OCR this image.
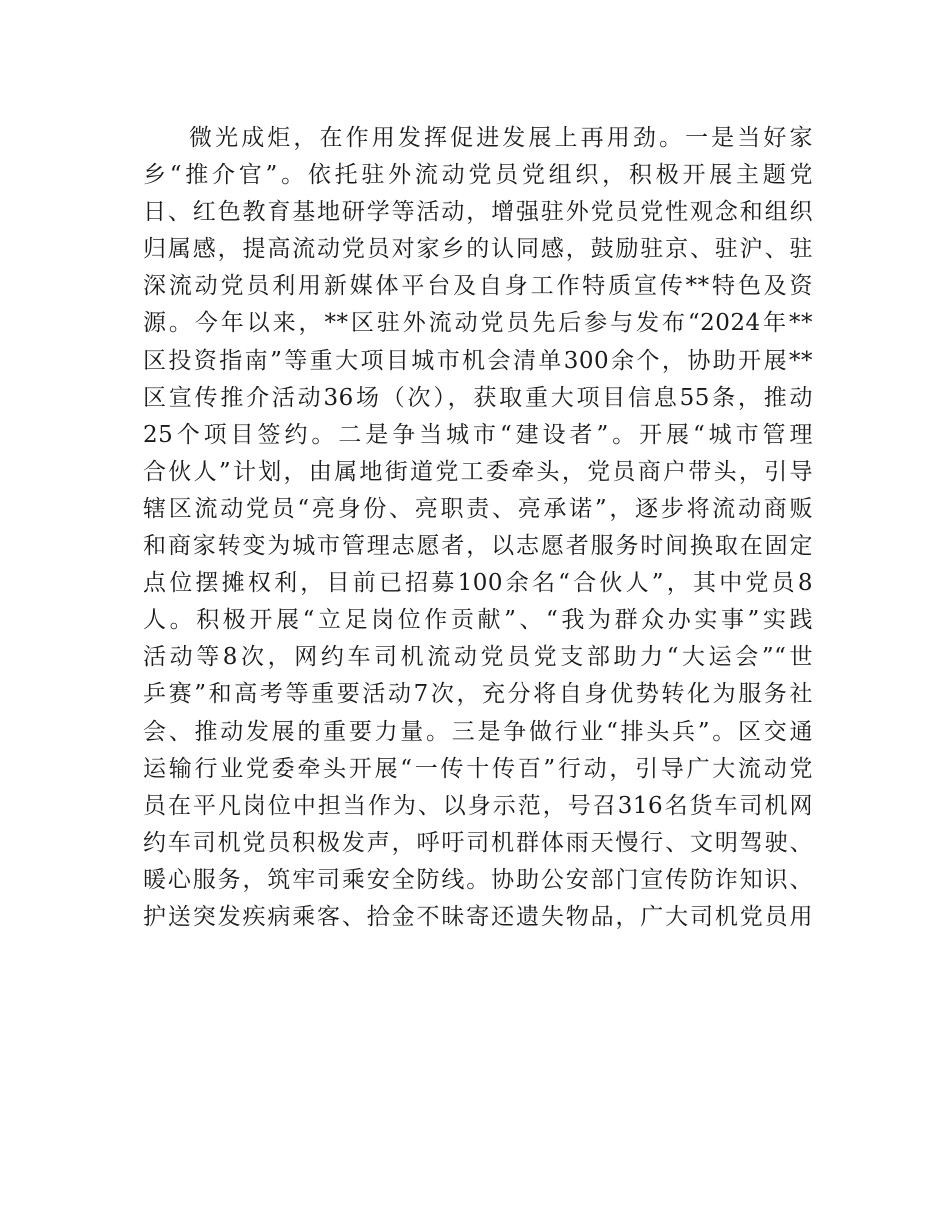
微光成炬，在作用发挥促进发展上再用劲。一是当好家
乡“推介官”。依托驻外流动党员党组织，积极开展主题党
日、红色教育基地研学等活动，增强驻外党员党性观念和组织
归属感，提高流动党员对家乡的认同感，鼓励驻京、驻沪、驻
深流动党员利用新媒体平台及自身工作特质宣传**特色及资
源。今年以来，**区驻外流动党员先后参与发布“2024年**
区投资指南”等重大项目城市机会清单300余个，协助开展**
区宣传推介活动36场（次），获取重大项目信息55条，推动
25个项目签约。二是争当城市“建设者”。开展“城市管理
合伙人”计划，由属地街道党工委牵头，党员商户带头，引导
辖区流动党员“亮身份、亮职责、亮承诺”，逐步将流动商贩
和商家转变为城市管理志愿者，以志愿者服务时间换取在固定
点位摆摊权利，目前已招募100余名“合伙人”，其中党员8
人。积极开展“立足岗位作贡献”、“我为群众办实事”实践
活动等8次，网约车司机流动党员党支部助力“大运会”“世
乒赛”和高考等重要活动7次，充分将自身优势转化为服务社
会、推动发展的重要力量。三是争做行业“排头兵”。区交通
运输行业党委牵头开展“一传十传百”行动，引导广大流动党
员在平凡岗位中担当作为、以身示范，号召316名货车司机网
约车司机党员积极发声，呼吁司机群体雨天慢行、文明驾驶、
暖心服务，筑牢司乘安全防线。协助公安部门宣传防诈知识、
护送突发疾病乘客、拾金不昧寄还遗失物品，广大司机党员用
